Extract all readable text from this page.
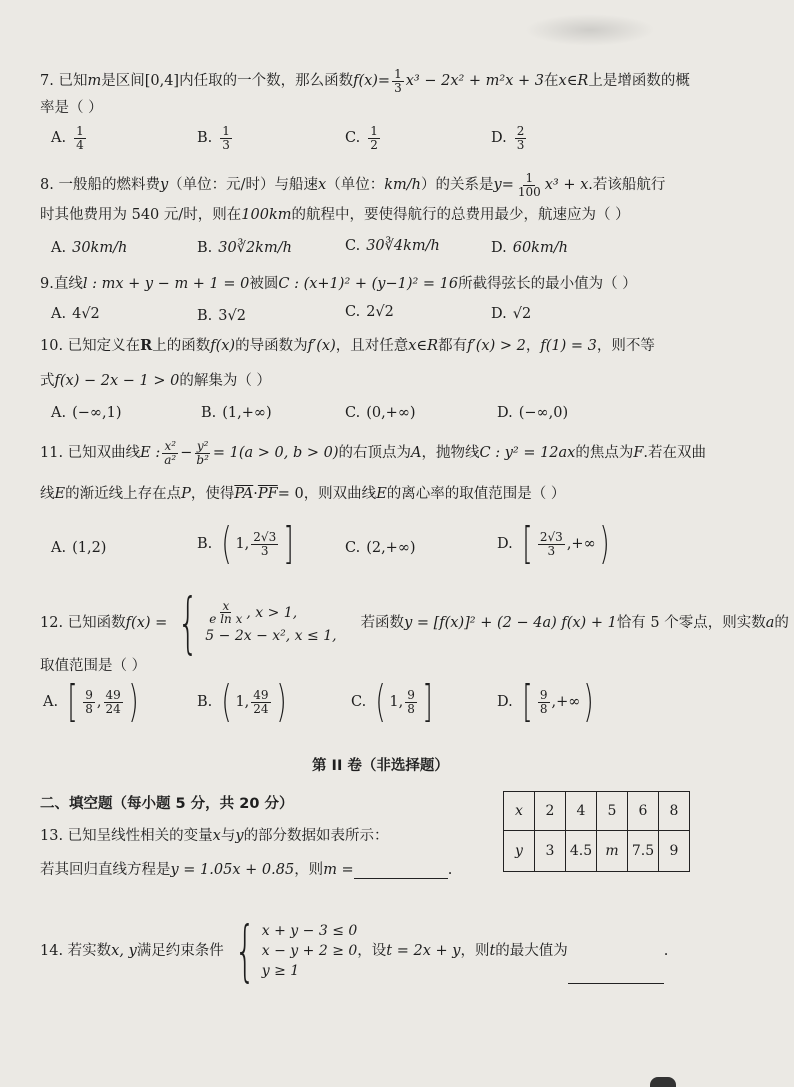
7. 已知m是区间[0,4]内任取的一个数，那么函数$f(x)= \frac{1}{3} x^3 - 2x^2 + m^2x + 3$在x∈R上是增函数的概
率是（ ）
A. $\frac{1}{4}$	B. $\frac{1}{3}$	C. $\frac{1}{2}$	D. $\frac{2}{3}$
8. 一般船的燃料费y（单位：元/时）与船速x（单位：km/h）的关系是$y= \frac{1}{100} x^3 + x$.若该船航行
时其他费用为 540 元/时，则在100km的航程中，要使得航行的总费用最少，航速应为（ ）
A. 30km/h	B. 30∛2km/h	C. 30∛4km/h	D. 60km/h
9.直线l : mx + y − m + 1 = 0被圆C : (x+1)² + (y−1)² = 16所截得弦长的最小值为（ ）
A. 4√2	B. 3√2	C. 2√2	D. √2
10. 已知定义在R上的函数f(x)的导函数为f′(x)，且对任意x∈R都有f′(x) > 2，f(1) = 3，则不等
式f(x) − 2x − 1 > 0的解集为（ ）
A. (−∞,1)	B. (1,+∞)	C. (0,+∞)	D. (−∞,0)
11. 已知双曲线E : $\frac{\text{x²}}{\text{a²}} - \frac{\text{y²}}{\text{b²}} = 1(a > 0$, b > 0)的右顶点为A，抛物线C : y² = 12ax的焦点为F.若在双曲
线E的渐近线上存在点P，使得$\overline{PA}\cdot\overline{PF}= 0$，则双曲线E的离心率的取值范围是（ ）
A. (1,2)	B. ( 1, 2√3
3 ]	C. (2,+∞)	D. [ 2√3
3 ,+∞ )
12. 已知函数f(x) = { $\frac{x}{\text{e ln x}}$ , x > 1,
5 − 2x − x², x ≤ 1,
若函数y = [f(x)]² + (2 − 4a) f(x) + 1恰有 5 个零点，则实数a的
取值范围是（ ）
A. [ 9
8 , 49
24 )	B. ( 1, 49
24 )	C. ( 1, 9
8 ]	D. [ 9
8 ,+∞ )
第 II 卷（非选择题）
二、填空题（每小题 5 分，共 20 分）
13. 已知呈线性相关的变量x与y的部分数据如表所示：
若其回归直线方程是y = 1.05x + 0.85，则m =	.
x	2	4	5	6	8
y	3	4.5	m	7.5	9
14. 若实数x, y满足约束条件 { x + y − 3 ≤ 0
x − y + 2 ≥ 0
y ≥ 1
，设t = 2x + y，则t的最大值为	.
